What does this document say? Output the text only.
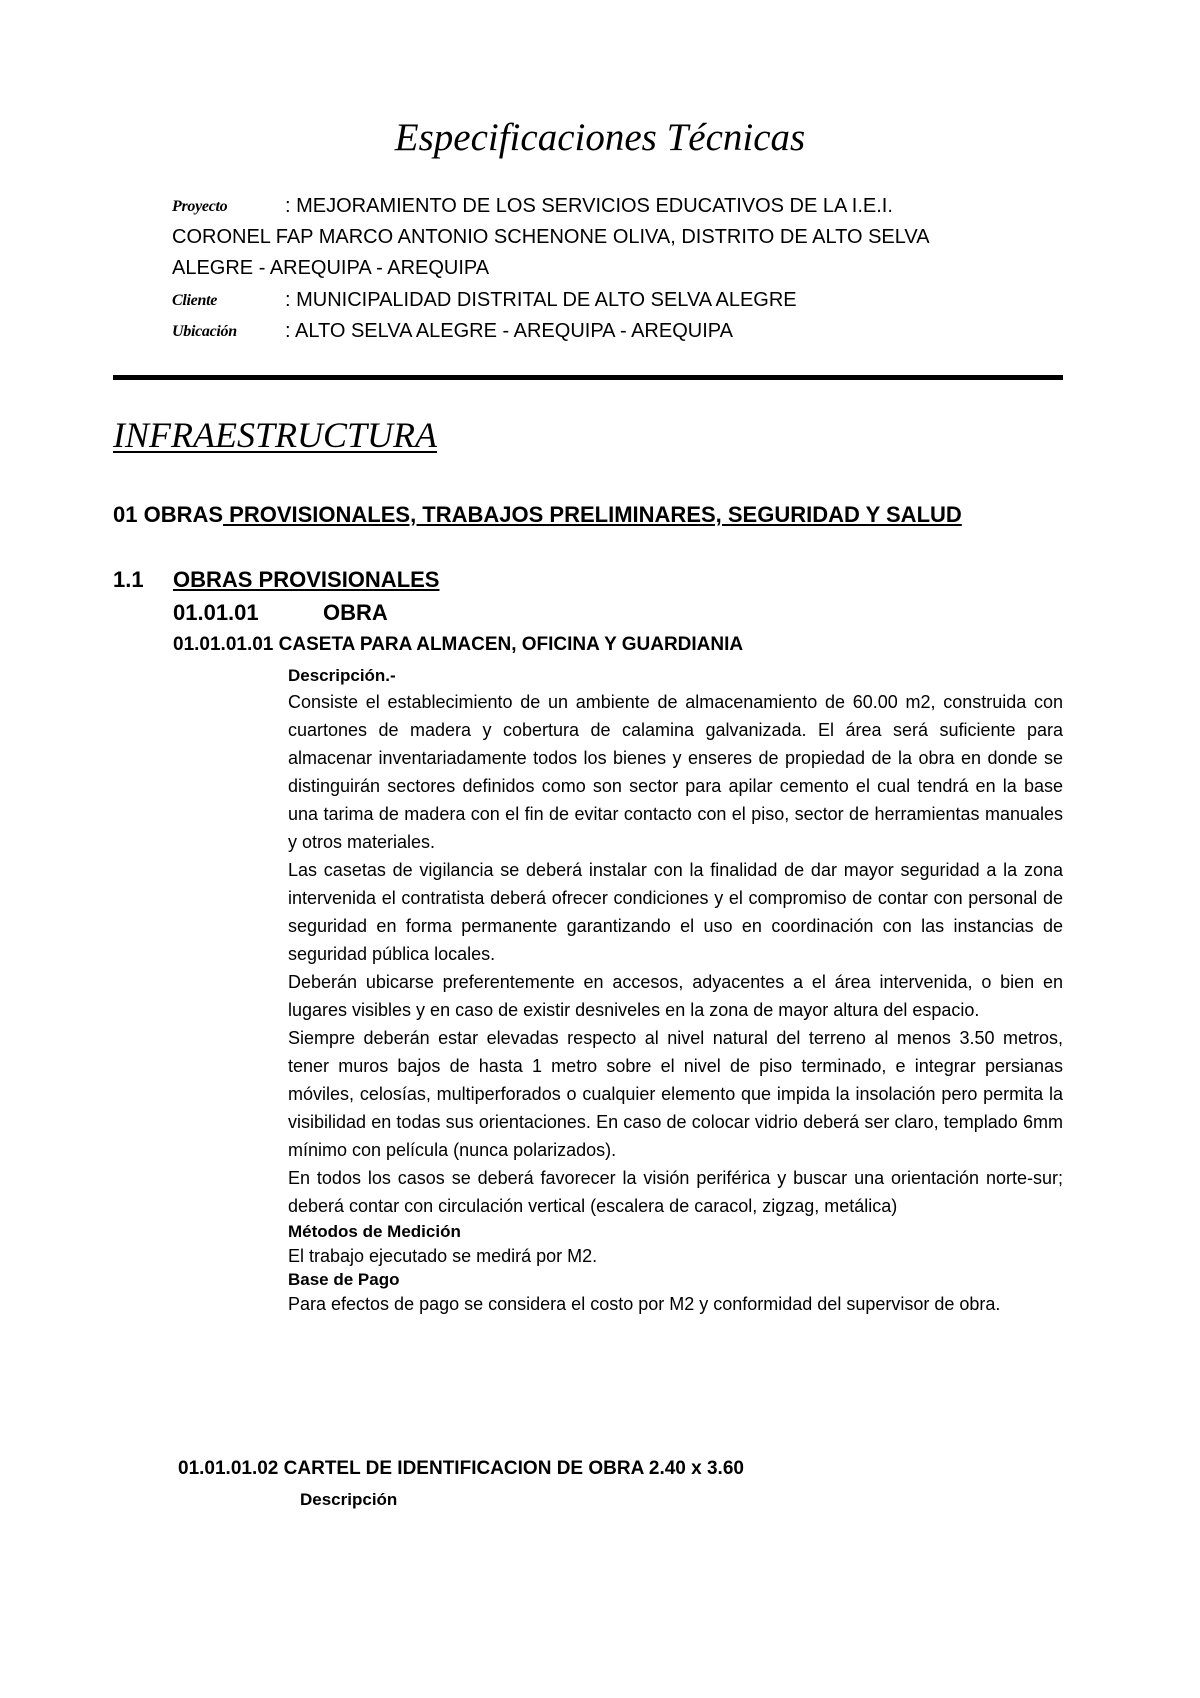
Especificaciones Técnicas
Proyecto	: MEJORAMIENTO DE LOS SERVICIOS EDUCATIVOS DE LA I.E.I.
CORONEL FAP MARCO ANTONIO SCHENONE OLIVA, DISTRITO DE ALTO SELVA
ALEGRE - AREQUIPA - AREQUIPA
Cliente	: MUNICIPALIDAD DISTRITAL DE ALTO SELVA ALEGRE
Ubicación : ALTO SELVA ALEGRE - AREQUIPA - AREQUIPA
INFRAESTRUCTURA
01 OBRAS PROVISIONALES, TRABAJOS PRELIMINARES, SEGURIDAD Y SALUD
1.1 OBRAS PROVISIONALES
01.01.01	OBRA
01.01.01.01 CASETA PARA ALMACEN, OFICINA Y GUARDIANIA
Descripción.-

Consiste el establecimiento de un ambiente de almacenamiento de 60.00 m2, construida con cuartones de madera y cobertura de calamina galvanizada. El área será suficiente para almacenar inventariadamente todos los bienes y enseres de propiedad de la obra en donde se distinguirán sectores definidos como son sector para apilar cemento el cual tendrá en la base una tarima de madera con el fin de evitar contacto con el piso, sector de herramientas manuales y otros materiales.

Las casetas de vigilancia se deberá instalar con la finalidad de dar mayor seguridad a la zona intervenida el contratista deberá ofrecer condiciones y el compromiso de contar con personal de seguridad en forma permanente garantizando el uso en coordinación con las instancias de seguridad pública locales.

Deberán ubicarse preferentemente en accesos, adyacentes a el área intervenida, o bien en lugares visibles y en caso de existir desniveles en la zona de mayor altura del espacio.

Siempre deberán estar elevadas respecto al nivel natural del terreno al menos 3.50 metros, tener muros bajos de hasta 1 metro sobre el nivel de piso terminado, e integrar persianas móviles, celosías, multiperforados o cualquier elemento que impida la insolación pero permita la visibilidad en todas sus orientaciones. En caso de colocar vidrio deberá ser claro, templado 6mm mínimo con película (nunca polarizados).

En todos los casos se deberá favorecer la visión periférica y buscar una orientación norte-sur; deberá contar con circulación vertical (escalera de caracol, zigzag, metálica)

Métodos de Medición

El trabajo ejecutado se medirá por M2.

Base de Pago

Para efectos de pago se considera el costo por M2 y conformidad del supervisor de obra.

01.01.01.02 CARTEL DE IDENTIFICACION DE OBRA 2.40 x 3.60
Descripción
